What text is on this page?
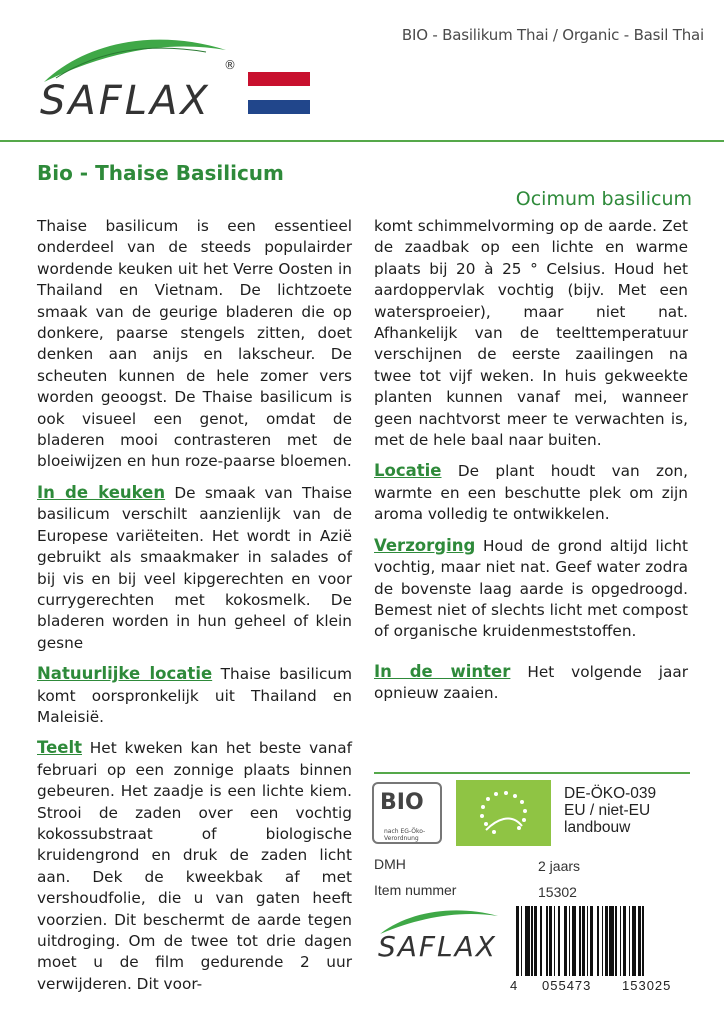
BIO - Basilikum Thai / Organic - Basil Thai
SAFLAX
®
Bio - Thaise Basilicum
Ocimum basilicum

Thaise basilicum is een essentieel onderdeel van de steeds populairder wordende keuken uit het Verre Oosten in Thailand en Vietnam. De lichtzoete smaak van de geurige bladeren die op donkere, paarse stengels zitten, doet denken aan anijs en lakscheur. De scheuten kunnen de hele zomer vers worden geoogst. De Thaise basilicum is ook visueel een genot, omdat de bladeren mooi contrasteren met de bloeiwijzen en hun roze-paarse bloemen.

In de keuken De smaak van Thaise basilicum verschilt aanzienlijk van de Europese variëteiten. Het wordt in Azië gebruikt als smaakmaker in salades of bij vis en bij veel kipgerechten en voor currygerechten met kokosmelk. De bladeren worden in hun geheel of klein gesne

Natuurlijke locatie Thaise basilicum komt oorspronkelijk uit Thailand en Maleisië.

Teelt Het kweken kan het beste vanaf februari op een zonnige plaats binnen gebeuren. Het zaadje is een lichte kiem. Strooi de zaden over een vochtig kokossubstraat of biologische kruidengrond en druk de zaden licht aan. Dek de kweekbak af met vershoudfolie, die u van gaten heeft voorzien. Dit beschermt de aarde tegen uitdroging. Om de twee tot drie dagen moet u de film gedurende 2 uur verwijderen. Dit voor-

komt schimmelvorming op de aarde. Zet de zaadbak op een lichte en warme plaats bij 20 à 25 ° Celsius. Houd het aardoppervlak vochtig (bijv. Met een watersproeier), maar niet nat. Afhankelijk van de teelttemperatuur verschijnen de eerste zaailingen na twee tot vijf weken. In huis gekweekte planten kunnen vanaf mei, wanneer geen nachtvorst meer te verwachten is, met de hele baal naar buiten.

Locatie De plant houdt van zon, warmte en een beschutte plek om zijn aroma volledig te ontwikkelen.

Verzorging Houd de grond altijd licht vochtig, maar niet nat. Geef water zodra de bovenste laag aarde is opgedroogd. Bemest niet of slechts licht met compost of organische kruidenmeststoffen.

In de winter Het volgende jaar opnieuw zaaien.

BIO
nach EG-Öko-Verordnung
DE-ÖKO-039
EU / niet-EU
landbouw
DMH	2 jaars
Item nummer	15302
SAFLAX
4 055473 153025
